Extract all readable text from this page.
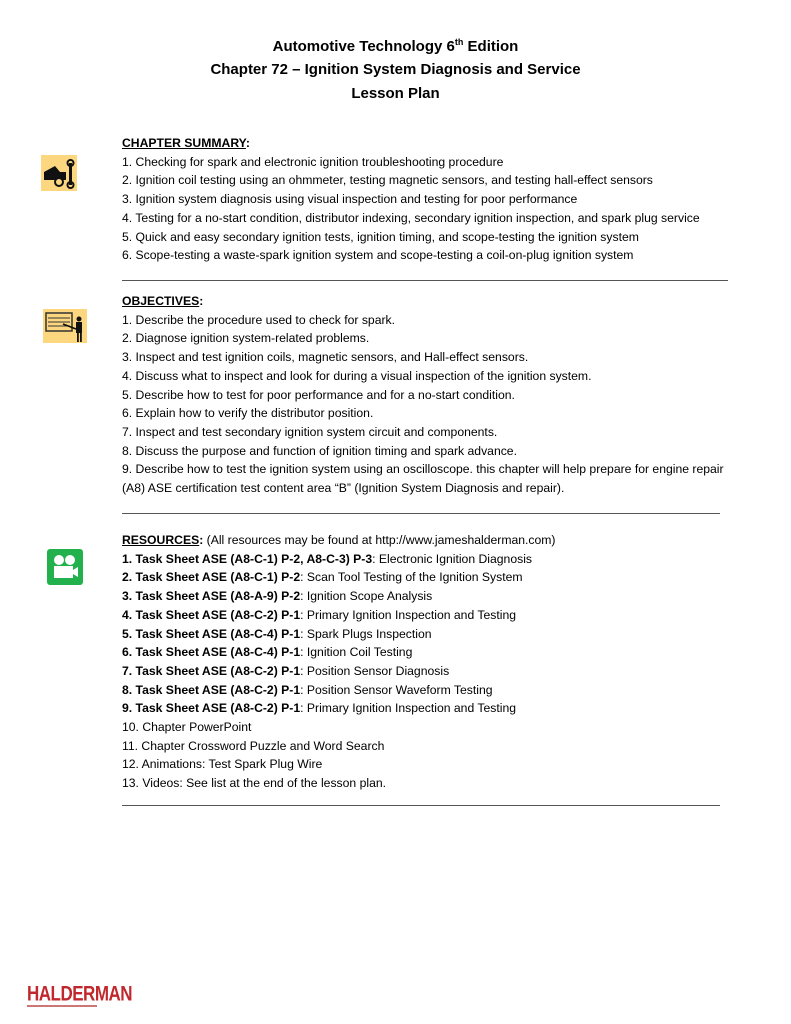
Automotive Technology 6th Edition
Chapter 72 – Ignition System Diagnosis and Service
Lesson Plan
CHAPTER SUMMARY:
1. Checking for spark and electronic ignition troubleshooting procedure
2. Ignition coil testing using an ohmmeter, testing magnetic sensors, and testing hall-effect sensors
3. Ignition system diagnosis using visual inspection and testing for poor performance
4. Testing for a no-start condition, distributor indexing, secondary ignition inspection, and spark plug service
5. Quick and easy secondary ignition tests, ignition timing, and scope-testing the ignition system
6. Scope-testing a waste-spark ignition system and scope-testing a coil-on-plug ignition system
OBJECTIVES:
1. Describe the procedure used to check for spark.
2. Diagnose ignition system-related problems.
3. Inspect and test ignition coils, magnetic sensors, and Hall-effect sensors.
4. Discuss what to inspect and look for during a visual inspection of the ignition system.
5. Describe how to test for poor performance and for a no-start condition.
6. Explain how to verify the distributor position.
7. Inspect and test secondary ignition system circuit and components.
8. Discuss the purpose and function of ignition timing and spark advance.
9. Describe how to test the ignition system using an oscilloscope. this chapter will help prepare for engine repair (A8) ASE certification test content area “B” (Ignition System Diagnosis and repair).
RESOURCES: (All resources may be found at http://www.jameshalderman.com)
1. Task Sheet ASE (A8-C-1) P-2, A8-C-3) P-3: Electronic Ignition Diagnosis
2. Task Sheet ASE (A8-C-1) P-2: Scan Tool Testing of the Ignition System
3. Task Sheet ASE (A8-A-9) P-2: Ignition Scope Analysis
4. Task Sheet ASE (A8-C-2) P-1: Primary Ignition Inspection and Testing
5. Task Sheet ASE (A8-C-4) P-1: Spark Plugs Inspection
6. Task Sheet ASE (A8-C-4) P-1: Ignition Coil Testing
7. Task Sheet ASE (A8-C-2) P-1: Position Sensor Diagnosis
8. Task Sheet ASE (A8-C-2) P-1: Position Sensor Waveform Testing
9. Task Sheet ASE (A8-C-2) P-1: Primary Ignition Inspection and Testing
10. Chapter PowerPoint
11. Chapter Crossword Puzzle and Word Search
12. Animations: Test Spark Plug Wire
13. Videos: See list at the end of the lesson plan.
HALDERMAN
